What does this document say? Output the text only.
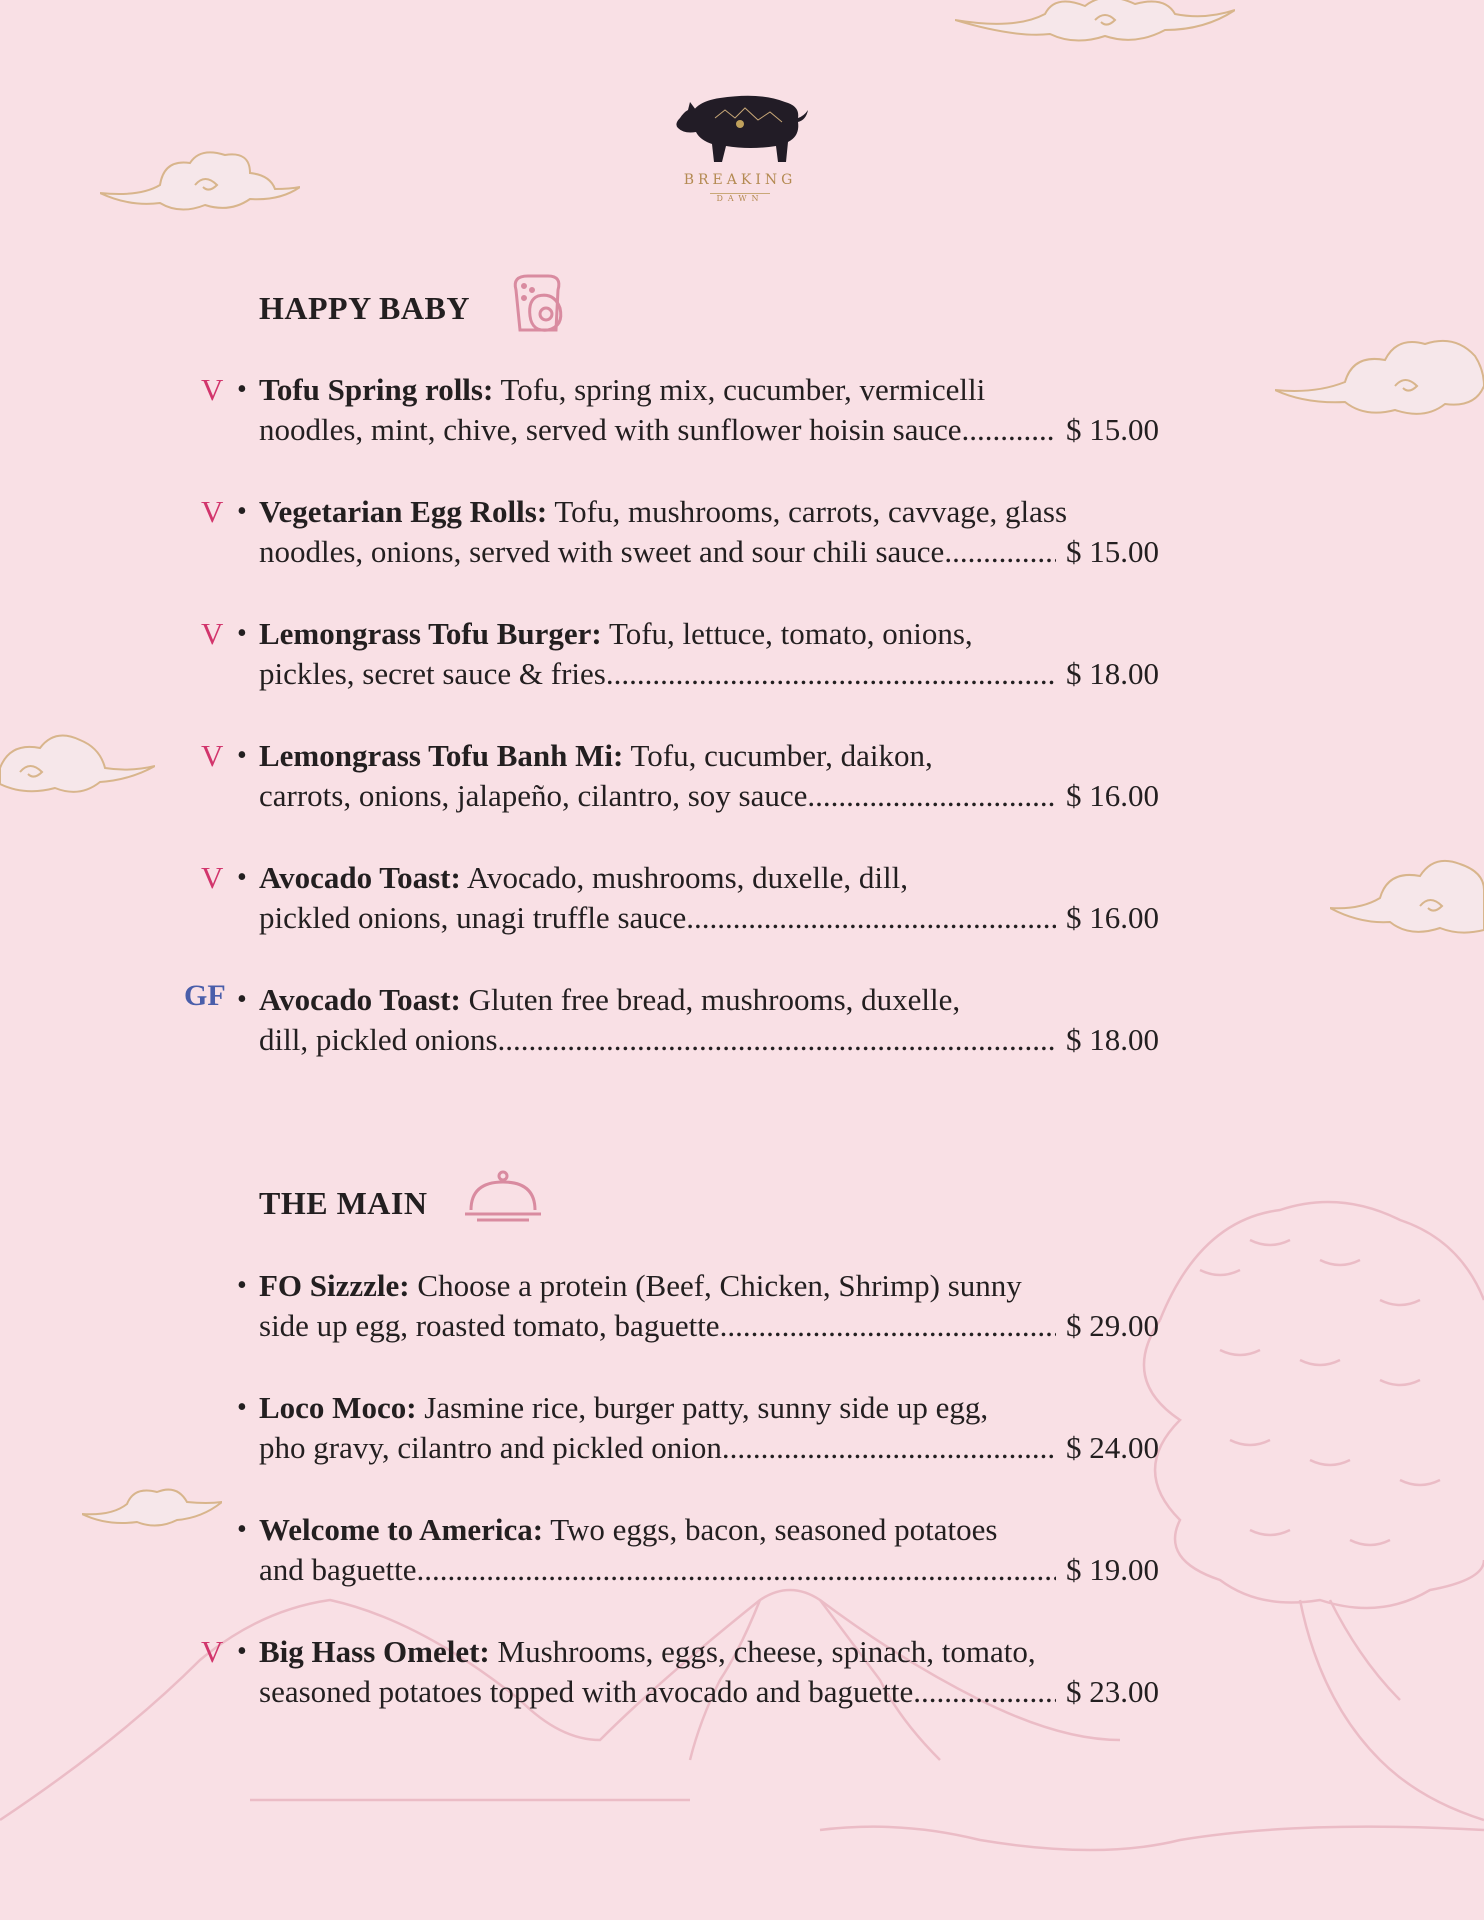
BREAKING
DAWN
HAPPY BABY
THE MAIN
V • Tofu Spring rolls: Tofu, spring mix, cucumber, vermicelli
noodles, mint, chive, served with sunflower hoisin sauce .....	$ 15.00
V • Vegetarian Egg Rolls: Tofu, mushrooms, carrots, cavvage, glass
noodles, onions, served with sweet and sour chili sauce .....	$ 15.00
V • Lemongrass Tofu Burger: Tofu, lettuce, tomato, onions,
pickles, secret sauce & fries .....	$ 18.00
V • Lemongrass Tofu Banh Mi: Tofu, cucumber, daikon,
carrots, onions, jalapeño, cilantro, soy sauce .....	$ 16.00
V • Avocado Toast: Avocado, mushrooms, duxelle, dill,
pickled onions, unagi truffle sauce .....	$ 16.00
GF • Avocado Toast: Gluten free bread, mushrooms, duxelle,
dill, pickled onions .....	$ 18.00
• FO Sizzzle: Choose a protein (Beef, Chicken, Shrimp) sunny
side up egg, roasted tomato, baguette .....	$ 29.00
• Loco Moco: Jasmine rice, burger patty, sunny side up egg,
pho gravy, cilantro and pickled onion .....	$ 24.00
• Welcome to America: Two eggs, bacon, seasoned potatoes
and baguette .....	$ 19.00
V • Big Hass Omelet: Mushrooms, eggs, cheese, spinach, tomato,
seasoned potatoes topped with avocado and baguette .....	$ 23.00
